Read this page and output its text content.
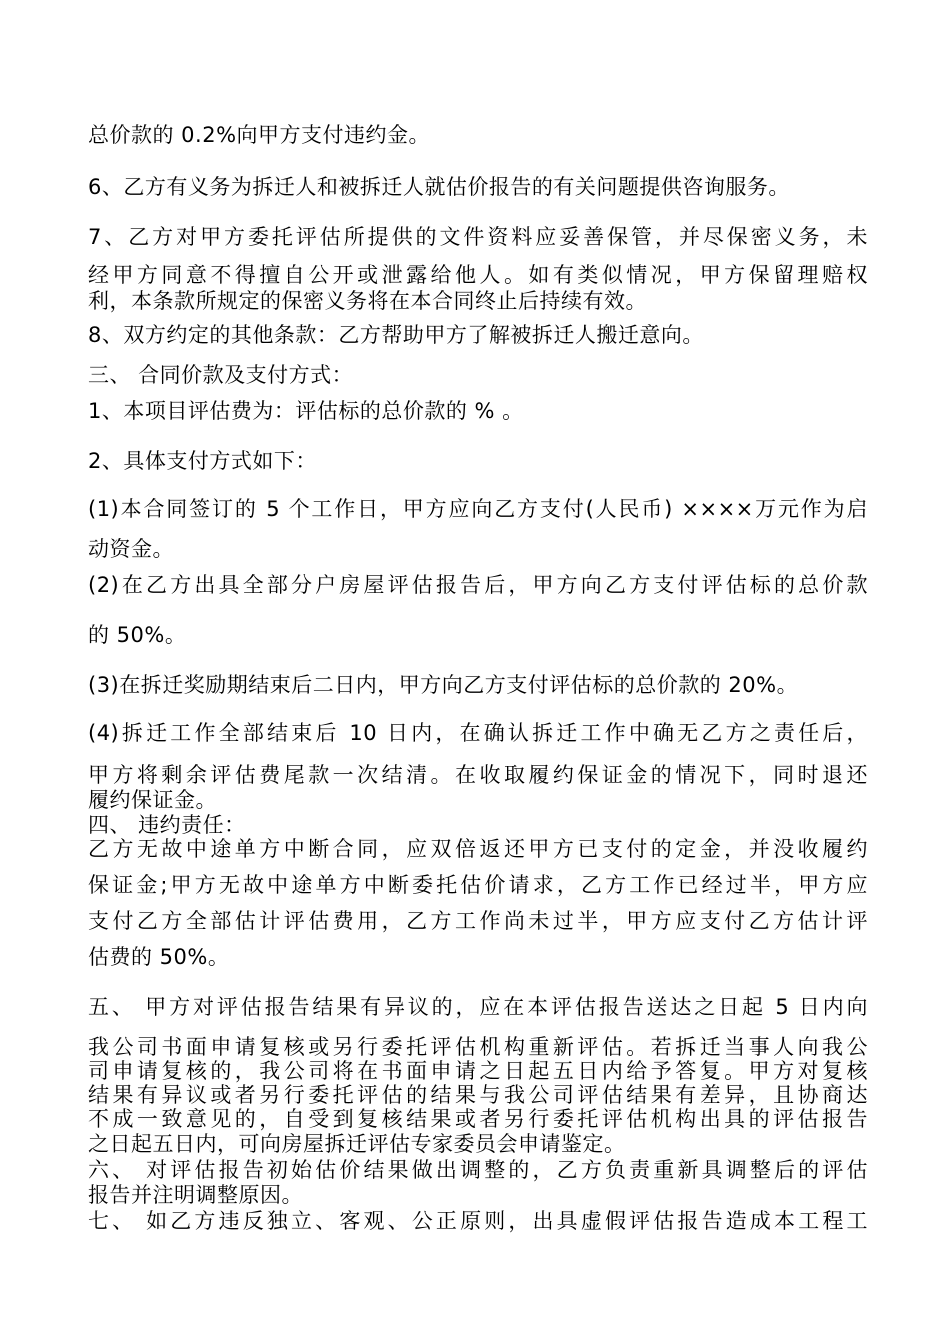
总价款的 0.2%向甲方支付违约金。
6、乙方有义务为拆迁人和被拆迁人就估价报告的有关问题提供咨询服务。
7、乙方对甲方委托评估所提供的文件资料应妥善保管，并尽保密义务，未
经甲方同意不得擅自公开或泄露给他人。如有类似情况，甲方保留理赔权
利，本条款所规定的保密义务将在本合同终止后持续有效。
8、双方约定的其他条款：乙方帮助甲方了解被拆迁人搬迁意向。
三、 合同价款及支付方式：
1、本项目评估费为：评估标的总价款的 % 。
2、具体支付方式如下：
(1)本合同签订的 5 个工作日，甲方应向乙方支付(人民币) ××××万元作为启
动资金。
(2)在乙方出具全部分户房屋评估报告后，甲方向乙方支付评估标的总价款
的 50%。
(3)在拆迁奖励期结束后二日内，甲方向乙方支付评估标的总价款的 20%。
(4)拆迁工作全部结束后 10 日内，在确认拆迁工作中确无乙方之责任后，
甲方将剩余评估费尾款一次结清。在收取履约保证金的情况下，同时退还
履约保证金。
四、 违约责任：
乙方无故中途单方中断合同，应双倍返还甲方已支付的定金，并没收履约
保证金;甲方无故中途单方中断委托估价请求，乙方工作已经过半，甲方应
支付乙方全部估计评估费用，乙方工作尚未过半，甲方应支付乙方估计评
估费的 50%。
五、 甲方对评估报告结果有异议的，应在本评估报告送达之日起 5 日内向
我公司书面申请复核或另行委托评估机构重新评估。若拆迁当事人向我公
司申请复核的，我公司将在书面申请之日起五日内给予答复。甲方对复核
结果有异议或者另行委托评估的结果与我公司评估结果有差异，且协商达
不成一致意见的，自受到复核结果或者另行委托评估机构出具的评估报告
之日起五日内，可向房屋拆迁评估专家委员会申请鉴定。
六、 对评估报告初始估价结果做出调整的，乙方负责重新具调整后的评估
报告并注明调整原因。
七、 如乙方违反独立、客观、公正原则，出具虚假评估报告造成本工程工
